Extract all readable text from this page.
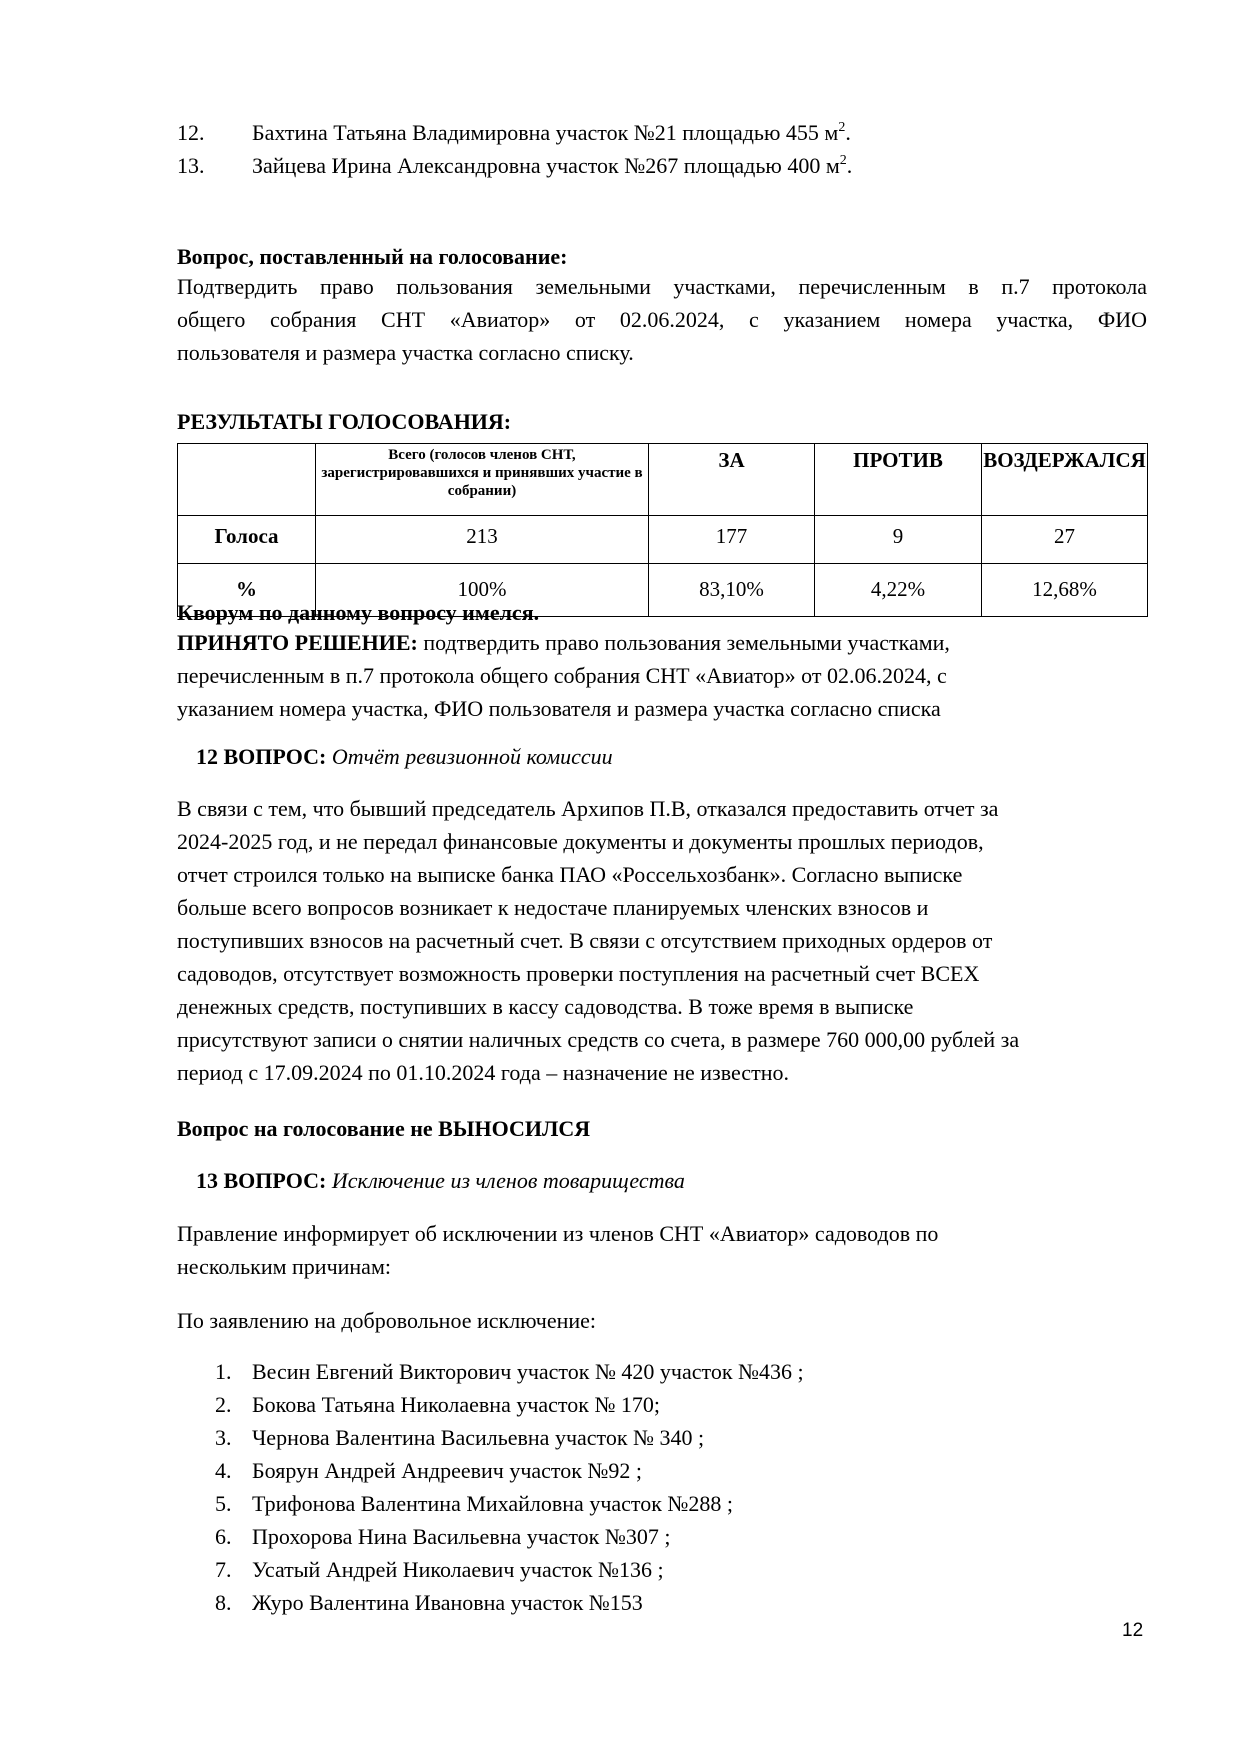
12. Бахтина Татьяна Владимировна участок №21 площадью 455 $м^2$.
13. Зайцева Ирина Александровна участок №267 площадью 400 $м^2$.
Вопрос, поставленный на голосование:
Подтвердить право пользования земельными участками, перечисленным в п.7 протокола
общего собрания СНТ «Авиатор» от 02.06.2024, с указанием номера участка, ФИО
пользователя и размера участка согласно списку.
РЕЗУЛЬТАТЫ ГОЛОСОВАНИЯ:
	Всего (голосов членов СНТ, зарегистрировавшихся и принявших участие в собрании)	ЗА	ПРОТИВ	ВОЗДЕРЖАЛСЯ
Голоса	213	177	9	27
%	100%	83,10%	4,22%	12,68%
Кворум по данному вопросу имелся.
ПРИНЯТО РЕШЕНИЕ: подтвердить право пользования земельными участками,
перечисленным в п.7 протокола общего собрания СНТ «Авиатор» от 02.06.2024, с
указанием номера участка, ФИО пользователя и размера участка согласно списка
12 ВОПРОС: Отчёт ревизионной комиссии
В связи с тем, что бывший председатель Архипов П.В, отказался предоставить отчет за
2024-2025 год, и не передал финансовые документы и документы прошлых периодов,
отчет строился только на выписке банка ПАО «Россельхозбанк». Согласно выписке
больше всего вопросов возникает к недостаче планируемых членских взносов и
поступивших взносов на расчетный счет. В связи с отсутствием приходных ордеров от
садоводов, отсутствует возможность проверки поступления на расчетный счет ВСЕХ
денежных средств, поступивших в кассу садоводства. В тоже время в выписке
присутствуют записи о снятии наличных средств со счета, в размере 760 000,00 рублей за
период с 17.09.2024 по 01.10.2024 года – назначение не известно.
Вопрос на голосование не ВЫНОСИЛСЯ
13 ВОПРОС: Исключение из членов товарищества
Правление информирует об исключении из членов СНТ «Авиатор» садоводов по
нескольким причинам:
По заявлению на добровольное исключение:
1. Весин Евгений Викторович участок № 420 участок №436 ;
2. Бокова Татьяна Николаевна участок № 170;
3. Чернова Валентина Васильевна участок № 340 ;
4. Боярун Андрей Андреевич участок №92 ;
5. Трифонова Валентина Михайловна участок №288 ;
6. Прохорова Нина Васильевна участок №307 ;
7. Усатый Андрей Николаевич участок №136 ;
8. Журо Валентина Ивановна участок №153
12
